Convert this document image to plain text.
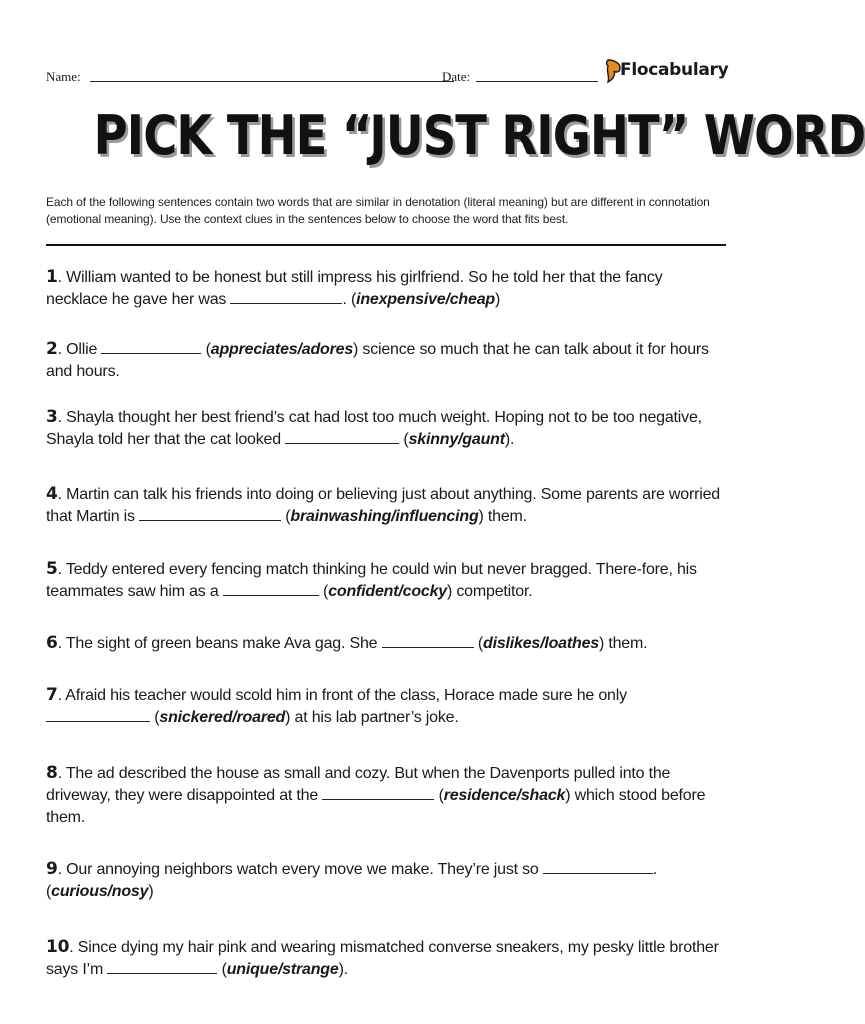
Name:	Date:	Flocabulary
PICK THE “JUST RIGHT” WORD
Each of the following sentences contain two words that are similar in denotation (literal meaning) but are different in connotation (emotional meaning). Use the context clues in the sentences below to choose the word that fits best.
1. William wanted to be honest but still impress his girlfriend. So he told her that the fancy necklace he gave her was	. (inexpensive/cheap)
2. Ollie	(appreciates/adores) science so much that he can talk about it for hours and hours.
3. Shayla thought her best friend’s cat had lost too much weight. Hoping not to be too negative, Shayla told her that the cat looked	(skinny/gaunt).
4. Martin can talk his friends into doing or believing just about anything. Some parents are worried that Martin is	(brainwashing/influencing) them.
5. Teddy entered every fencing match thinking he could win but never bragged. There-fore, his teammates saw him as a	(confident/cocky) competitor.
6. The sight of green beans make Ava gag. She	(dislikes/loathes) them.
7. Afraid his teacher would scold him in front of the class, Horace made sure he only  (snickered/roared) at his lab partner’s joke.
8. The ad described the house as small and cozy. But when the Davenports pulled into the driveway, they were disappointed at the	(residence/shack) which stood before them.
9. Our annoying neighbors watch every move we make. They’re just so	. (curious/nosy)
10. Since dying my hair pink and wearing mismatched converse sneakers, my pesky little brother says I’m	(unique/strange).
